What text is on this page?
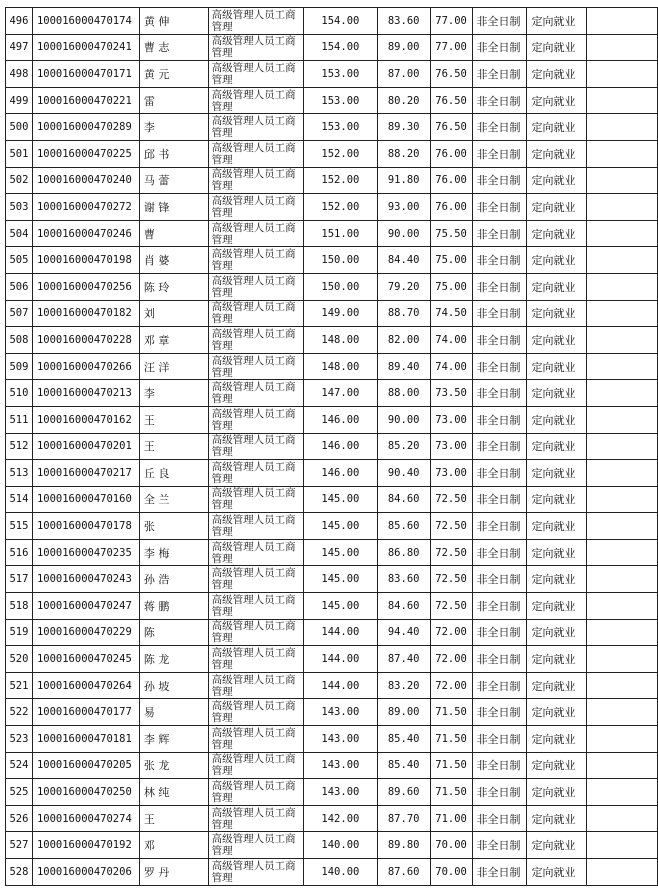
496	100016000470174	黄 伸	高级管理人员工商管理	154.00	83.60	77.00	非全日制	定向就业	
497	100016000470241	曹 志	高级管理人员工商管理	154.00	89.00	77.00	非全日制	定向就业	
498	100016000470171	黄 元	高级管理人员工商管理	153.00	87.00	76.50	非全日制	定向就业	
499	100016000470221	雷	高级管理人员工商管理	153.00	80.20	76.50	非全日制	定向就业	
500	100016000470289	李	高级管理人员工商管理	153.00	89.30	76.50	非全日制	定向就业	
501	100016000470225	邱 书	高级管理人员工商管理	152.00	88.20	76.00	非全日制	定向就业	
502	100016000470240	马 蕾	高级管理人员工商管理	152.00	91.80	76.00	非全日制	定向就业	
503	100016000470272	谢 锋	高级管理人员工商管理	152.00	93.00	76.00	非全日制	定向就业	
504	100016000470246	曹	高级管理人员工商管理	151.00	90.00	75.50	非全日制	定向就业	
505	100016000470198	肖 婆	高级管理人员工商管理	150.00	84.40	75.00	非全日制	定向就业	
506	100016000470256	陈 玲	高级管理人员工商管理	150.00	79.20	75.00	非全日制	定向就业	
507	100016000470182	刘	高级管理人员工商管理	149.00	88.70	74.50	非全日制	定向就业	
508	100016000470228	邓 章	高级管理人员工商管理	148.00	82.00	74.00	非全日制	定向就业	
509	100016000470266	汪 洋	高级管理人员工商管理	148.00	89.40	74.00	非全日制	定向就业	
510	100016000470213	李	高级管理人员工商管理	147.00	88.00	73.50	非全日制	定向就业	
511	100016000470162	王	高级管理人员工商管理	146.00	90.00	73.00	非全日制	定向就业	
512	100016000470201	王	高级管理人员工商管理	146.00	85.20	73.00	非全日制	定向就业	
513	100016000470217	丘 良	高级管理人员工商管理	146.00	90.40	73.00	非全日制	定向就业	
514	100016000470160	全 兰	高级管理人员工商管理	145.00	84.60	72.50	非全日制	定向就业	
515	100016000470178	张	高级管理人员工商管理	145.00	85.60	72.50	非全日制	定向就业	
516	100016000470235	李 梅	高级管理人员工商管理	145.00	86.80	72.50	非全日制	定向就业	
517	100016000470243	孙 浩	高级管理人员工商管理	145.00	83.60	72.50	非全日制	定向就业	
518	100016000470247	蒋 鹏	高级管理人员工商管理	145.00	84.60	72.50	非全日制	定向就业	
519	100016000470229	陈	高级管理人员工商管理	144.00	94.40	72.00	非全日制	定向就业	
520	100016000470245	陈 龙	高级管理人员工商管理	144.00	87.40	72.00	非全日制	定向就业	
521	100016000470264	孙 坡	高级管理人员工商管理	144.00	83.20	72.00	非全日制	定向就业	
522	100016000470177	易	高级管理人员工商管理	143.00	89.00	71.50	非全日制	定向就业	
523	100016000470181	李 辉	高级管理人员工商管理	143.00	85.40	71.50	非全日制	定向就业	
524	100016000470205	张 龙	高级管理人员工商管理	143.00	85.40	71.50	非全日制	定向就业	
525	100016000470250	林 纯	高级管理人员工商管理	143.00	89.60	71.50	非全日制	定向就业	
526	100016000470274	王	高级管理人员工商管理	142.00	87.70	71.00	非全日制	定向就业	
527	100016000470192	邓	高级管理人员工商管理	140.00	89.80	70.00	非全日制	定向就业	
528	100016000470206	罗 丹	高级管理人员工商管理	140.00	87.60	70.00	非全日制	定向就业	
